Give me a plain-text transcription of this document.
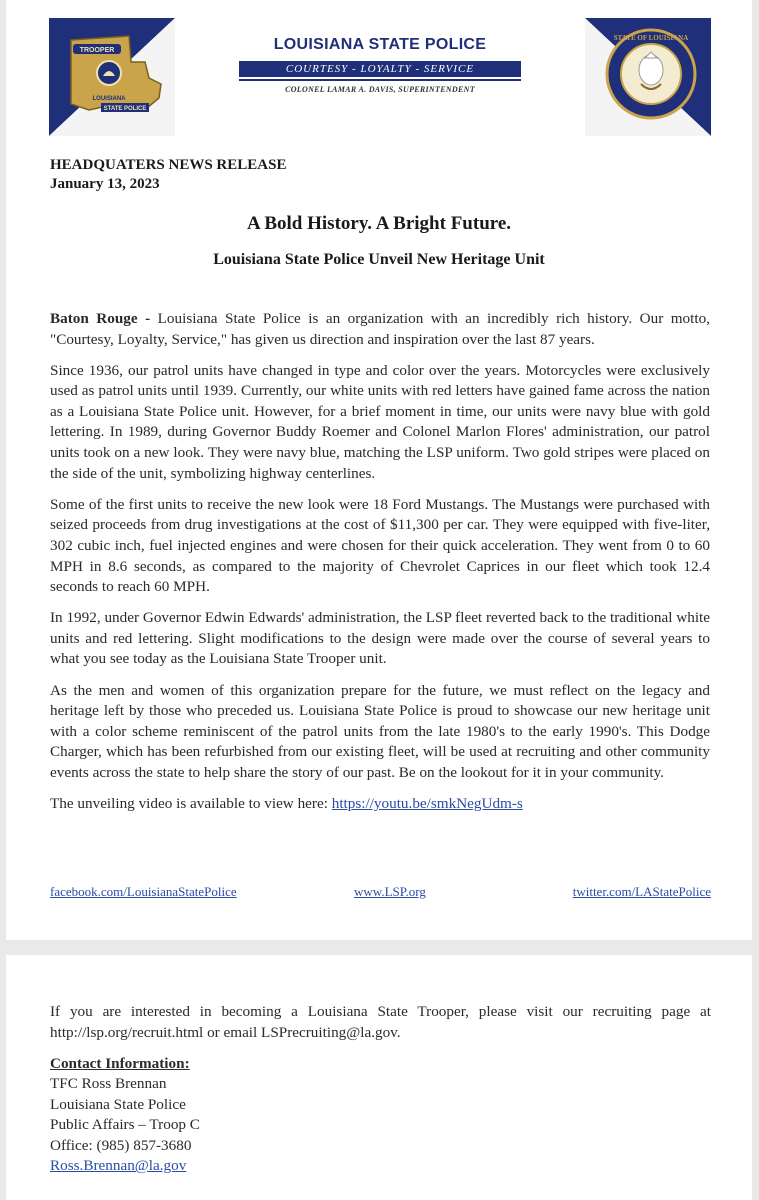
TROOPER
LOUISIANA
STATE POLICE
LOUISIANA STATE POLICE
COURTESY - LOYALTY - SERVICE
COLONEL LAMAR A. DAVIS, SUPERINTENDENT
STATE OF LOUISIANA
HEADQUATERS NEWS RELEASE
January 13, 2023
A Bold History. A Bright Future.
Louisiana State Police Unveil New Heritage Unit

Baton Rouge - Louisiana State Police is an organization with an incredibly rich history. Our motto, "Courtesy, Loyalty, Service," has given us direction and inspiration over the last 87 years.

Since 1936, our patrol units have changed in type and color over the years. Motorcycles were exclusively used as patrol units until 1939. Currently, our white units with red letters have gained fame across the nation as a Louisiana State Police unit. However, for a brief moment in time, our units were navy blue with gold lettering. In 1989, during Governor Buddy Roemer and Colonel Marlon Flores' administration, our patrol units took on a new look. They were navy blue, matching the LSP uniform. Two gold stripes were placed on the side of the unit, symbolizing highway centerlines.

Some of the first units to receive the new look were 18 Ford Mustangs. The Mustangs were purchased with seized proceeds from drug investigations at the cost of $11,300 per car. They were equipped with five-liter, 302 cubic inch, fuel injected engines and were chosen for their quick acceleration. They went from 0 to 60 MPH in 8.6 seconds, as compared to the majority of Chevrolet Caprices in our fleet which took 12.4 seconds to reach 60 MPH.

In 1992, under Governor Edwin Edwards' administration, the LSP fleet reverted back to the traditional white units and red lettering. Slight modifications to the design were made over the course of several years to what you see today as the Louisiana State Trooper unit.

As the men and women of this organization prepare for the future, we must reflect on the legacy and heritage left by those who preceded us. Louisiana State Police is proud to showcase our new heritage unit with a color scheme reminiscent of the patrol units from the late 1980's to the early 1990's. This Dodge Charger, which has been refurbished from our existing fleet, will be used at recruiting and other community events across the state to help share the story of our past. Be on the lookout for it in your community.

The unveiling video is available to view here: https://youtu.be/smkNegUdm-s

facebook.com/LouisianaStatePolice	www.LSP.org	twitter.com/LAStatePolice
If you are interested in becoming a Louisiana State Trooper, please visit our recruiting page at http://lsp.org/recruit.html or email LSPrecruiting@la.gov.
Contact Information:
TFC Ross Brennan
Louisiana State Police
Public Affairs – Troop C
Office: (985) 857-3680
Ross.Brennan@la.gov
